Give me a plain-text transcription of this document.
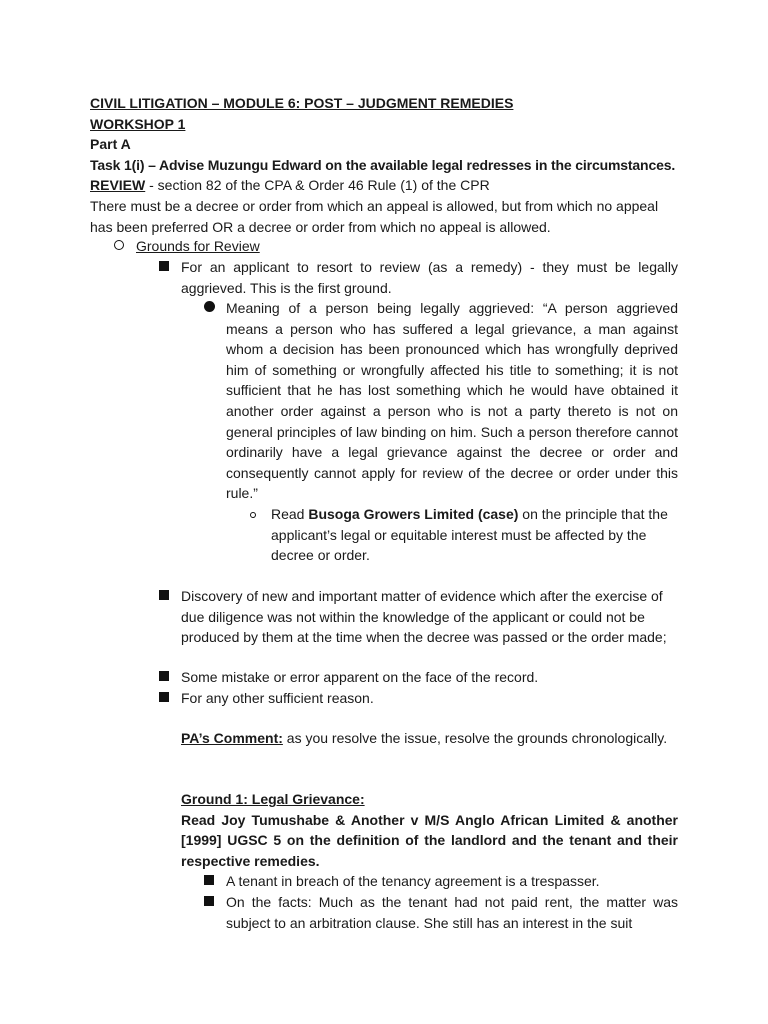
CIVIL LITIGATION – MODULE 6: POST – JUDGMENT REMEDIES
WORKSHOP 1
Part A
Task 1(i) – Advise Muzungu Edward on the available legal redresses in the circumstances.
REVIEW - section 82 of the CPA & Order 46 Rule (1) of the CPR
There must be a decree or order from which an appeal is allowed, but from which no appeal has been preferred OR a decree or order from which no appeal is allowed.
Grounds for Review
For an applicant to resort to review (as a remedy) - they must be legally aggrieved. This is the first ground.
Meaning of a person being legally aggrieved: “A person aggrieved means a person who has suffered a legal grievance, a man against whom a decision has been pronounced which has wrongfully deprived him of something or wrongfully affected his title to something; it is not sufficient that he has lost something which he would have obtained it another order against a person who is not a party thereto is not on general principles of law binding on him. Such a person therefore cannot ordinarily have a legal grievance against the decree or order and consequently cannot apply for review of the decree or order under this rule.”
Read Busoga Growers Limited (case) on the principle that the applicant’s legal or equitable interest must be affected by the decree or order.
Discovery of new and important matter of evidence which after the exercise of due diligence was not within the knowledge of the applicant or could not be produced by them at the time when the decree was passed or the order made;
Some mistake or error apparent on the face of the record.
For any other sufficient reason.
PA’s Comment: as you resolve the issue, resolve the grounds chronologically.
Ground 1: Legal Grievance:
Read Joy Tumushabe & Another v M/S Anglo African Limited & another [1999] UGSC 5 on the definition of the landlord and the tenant and their respective remedies.
A tenant in breach of the tenancy agreement is a trespasser.
On the facts: Much as the tenant had not paid rent, the matter was subject to an arbitration clause. She still has an interest in the suit
